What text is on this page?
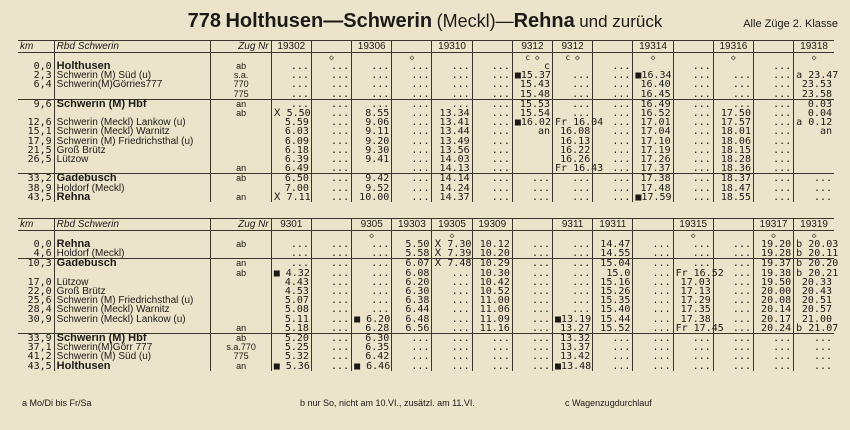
778 Holthusen—Schwerin (Meckl)—Rehna und zurück	Alle Züge 2. Klasse
km	Rbd Schwerin	Zug Nr	19302		19306		19310		9312	9312		19314		19316		19318
				◇		◇			c ◇	c ◇		◇		◇		◇
0,0	Holthusen	ab	...	...	...	...	...	...	c		...		...		...	
2,3	Schwerin (M) Süd (u)	s.a.	...	...	...	...	...	...	■15.37	...	...	■16.34	...	...	...	a 23.47
6,4	Schwerin(M)Görries777	770	...	...	...	...	...	...	15.43	...	...	16.40	...	...	...	23.53
		775	...	...	...	...	...	...	15.48	...	...	16.45	...	...	...	23.58
9,6	Schwerin (M) Hbf	an	...	...	...	...	...	...	15.53	...	...	16.49	...	...	...	0.03
		ab	Ⅹ 5.50	...	8.55	...	13.34	...	15.54	...	...	16.52	...	17.50	...	0.04
12,6	Schwerin (Meckl) Lankow (u)		5.59	...	9.06	...	13.41	...	■16.02	Fr 16.04	...	17.01	...	17.57	...	a 0.12
15,1	Schwerin (Meckl) Warnitz		6.03	...	9.11	...	13.44	...	an	16.08	...	17.04	...	18.01	...	an
17,9	Schwerin (M) Friedrichsthal (u)		6.09	...	9.20	...	13.49	...		16.13	...	17.10	...	18.06	...	
21,5	Groß Brütz		6.18	...	9.30	...	13.56	...		16.22	...	17.19	...	18.15	...	
26,5	Lützow		6.39	...	9.41	...	14.03	...		16.26	...	17.26	...	18.28	...	
		an	6.49	...		...	14.13	...		Fr 16.43	...	17.37	...	18.36	...	
33,2	Gadebusch	ab	6.50	...	9.42	...	14.14	...	...	...	...	17.38	...	18.37	...	...
38,9	Holdorf (Meckl)		7.00	...	9.52	...	14.24	...	...	...	...	17.48	...	18.47	...	...
43,5	Rehna	an	Ⅹ 7.11	...	10.00	...	14.37	...	...	...	...	■17.59	...	18.55	...	...
km	Rbd Schwerin	Zug Nr	9301		9305	19303	19305	19309		9311	19311		19315		19317	19319
					◇		◇						◇		◇	◇
0,0	Rehna	ab	...	...	...	5.50	Ⅹ 7.30	10.12	...	...	14.47	...	...	...	19.20	b 20.03
4,6	Holdorf (Meckl)		...	...	...	5.58	Ⅹ 7.39	10.20	...	...	14.55	...	...	...	19.28	b 20.11
10,3	Gadebusch	an	...	...	...	6.07	Ⅹ 7.48	10.29	...	...	15.04	...	...	...	19.37	b 20.20
		ab	■ 4.32	...	...	6.08	...	10.30	...	...	15.0	...	Fr 16.52	...	19.38	b 20.21
17,0	Lützow		4.43	...	...	6.20	...	10.42	...	...	15.16	...	17.03	...	19.50	20.33
22,0	Groß Brütz		4.53	...	...	6.30	...	10.52	...	...	15.26	...	17.13	...	20.00	20.43
25,6	Schwerin (M) Friedrichsthal (u)		5.07	...	...	6.38	...	11.00	...	...	15.35	...	17.29	...	20.08	20.51
28,4	Schwerin (Meckl) Warnitz		5.08	...	...	6.44	...	11.06	...	...	15.40	...	17.35	...	20.14	20.57
30,9	Schwerin (Meckl) Lankow (u)		5.11	...	■ 6.20	6.48	...	11.09	...	■13.19	15.44	...	17.38	...	20.17	21.00
		an	5.18	...	6.28	6.56	...	11.16	...	13.27	15.52	...	Fr 17.45	...	20.24	b 21.07
33,9	Schwerin (M) Hbf	ab	5.20	...	6.30	...	...	...	...	13.32	...	...	...	...	...	...
37,1	Schwerin(M)Görr 777	s.a.770	5.25	...	6.35	...	...	...	...	13.37	...	...	...	...	...	...
41,2	Schwerin (M) Süd (u)	775	5.32	...	6.42	...	...	...	...	13.42	...	...	...	...	...	...
43,5	Holthusen	an	■ 5.36	...	■ 6.46	...	...	...	...	■13.48	...	...	...	...	...	...
a Mo/Di bis Fr/Sa	b nur So, nicht am 10.VI., zusätzl. am 11.VI.	c Wagenzugdurchlauf
